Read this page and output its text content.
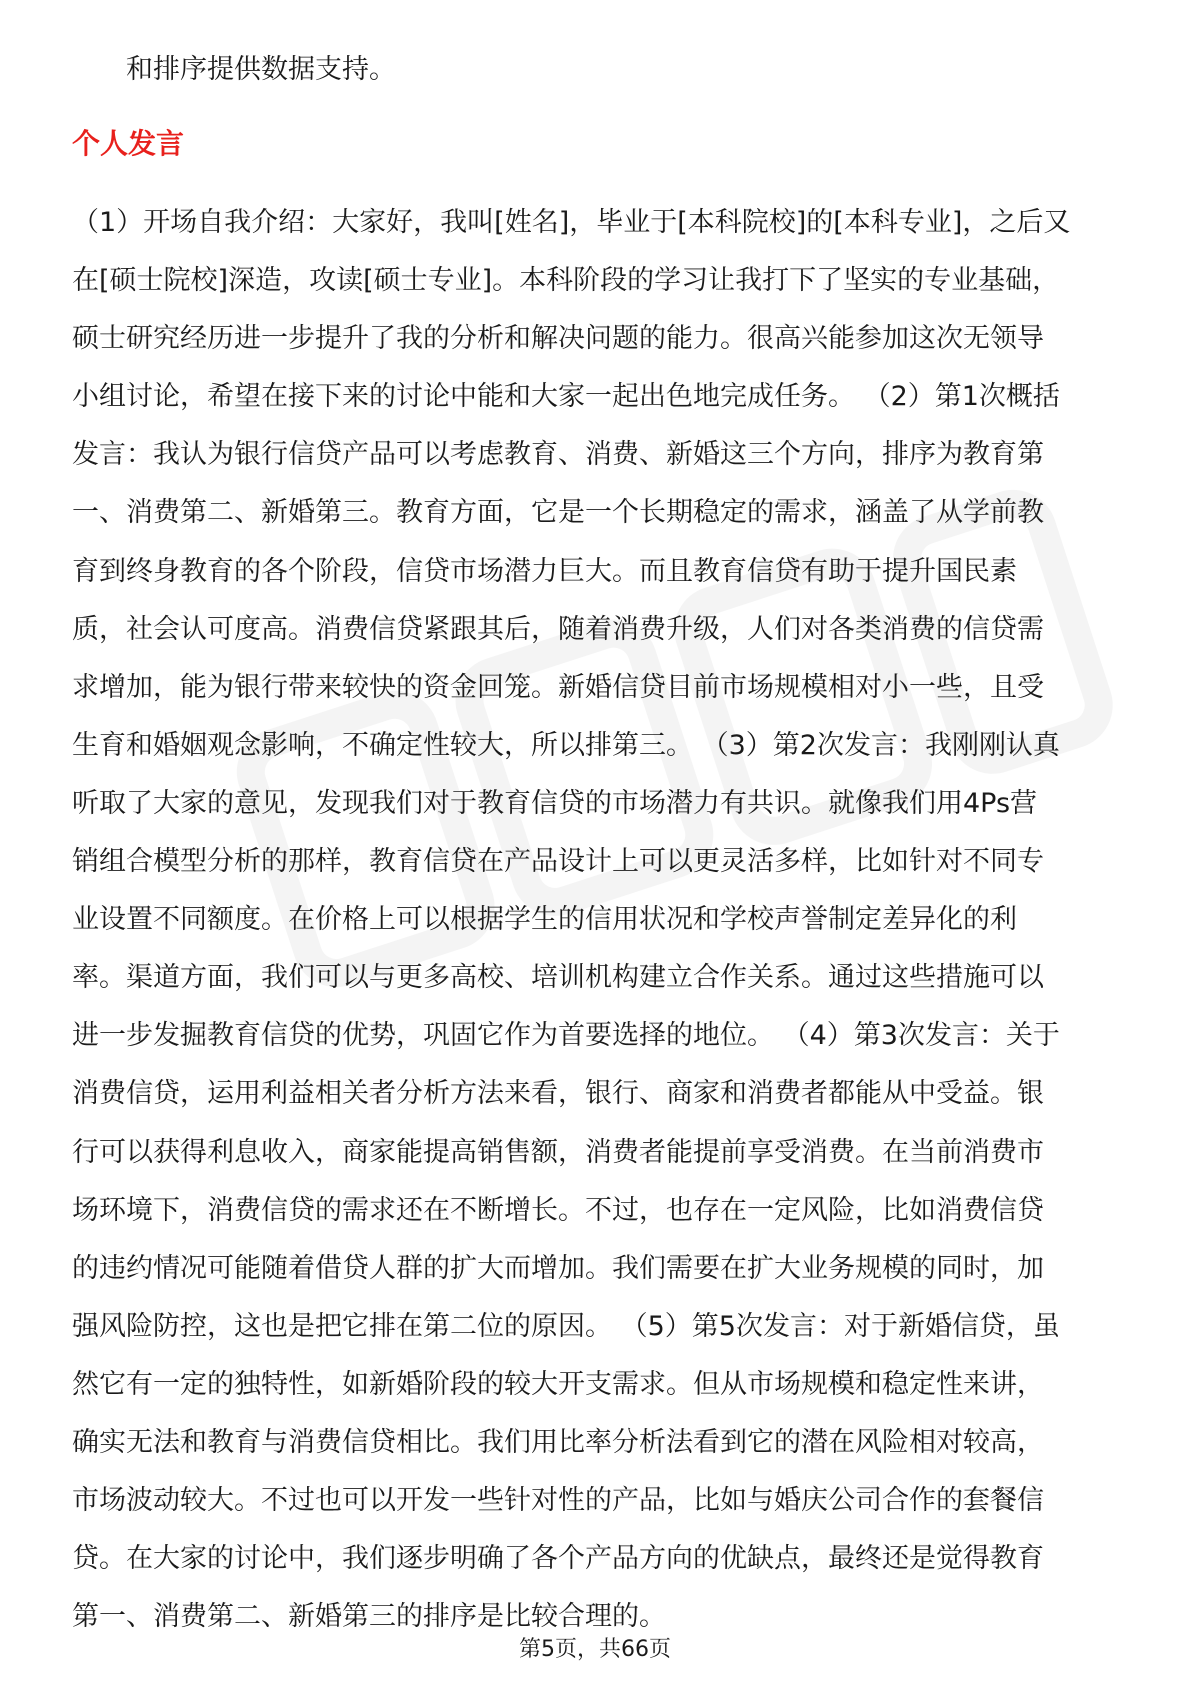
和排序提供数据支持。
个人发言
（1）开场自我介绍：大家好，我叫[姓名]，毕业于[本科院校]的[本科专业]，之后又
在[硕士院校]深造，攻读[硕士专业]。本科阶段的学习让我打下了坚实的专业基础，
硕士研究经历进一步提升了我的分析和解决问题的能力。很高兴能参加这次无领导
小组讨论，希望在接下来的讨论中能和大家一起出色地完成任务。 （2）第1次概括
发言：我认为银行信贷产品可以考虑教育、消费、新婚这三个方向，排序为教育第
一、消费第二、新婚第三。教育方面，它是一个长期稳定的需求，涵盖了从学前教
育到终身教育的各个阶段，信贷市场潜力巨大。而且教育信贷有助于提升国民素
质，社会认可度高。消费信贷紧跟其后，随着消费升级，人们对各类消费的信贷需
求增加，能为银行带来较快的资金回笼。新婚信贷目前市场规模相对小一些，且受
生育和婚姻观念影响，不确定性较大，所以排第三。 （3）第2次发言：我刚刚认真
听取了大家的意见，发现我们对于教育信贷的市场潜力有共识。就像我们用4Ps营
销组合模型分析的那样，教育信贷在产品设计上可以更灵活多样，比如针对不同专
业设置不同额度。在价格上可以根据学生的信用状况和学校声誉制定差异化的利
率。渠道方面，我们可以与更多高校、培训机构建立合作关系。通过这些措施可以
进一步发掘教育信贷的优势，巩固它作为首要选择的地位。 （4）第3次发言：关于
消费信贷，运用利益相关者分析方法来看，银行、商家和消费者都能从中受益。银
行可以获得利息收入，商家能提高销售额，消费者能提前享受消费。在当前消费市
场环境下，消费信贷的需求还在不断增长。不过，也存在一定风险，比如消费信贷
的违约情况可能随着借贷人群的扩大而增加。我们需要在扩大业务规模的同时，加
强风险防控，这也是把它排在第二位的原因。 （5）第5次发言：对于新婚信贷，虽
然它有一定的独特性，如新婚阶段的较大开支需求。但从市场规模和稳定性来讲，
确实无法和教育与消费信贷相比。我们用比率分析法看到它的潜在风险相对较高，
市场波动较大。不过也可以开发一些针对性的产品，比如与婚庆公司合作的套餐信
贷。在大家的讨论中，我们逐步明确了各个产品方向的优缺点，最终还是觉得教育
第一、消费第二、新婚第三的排序是比较合理的。
第5页，共66页
